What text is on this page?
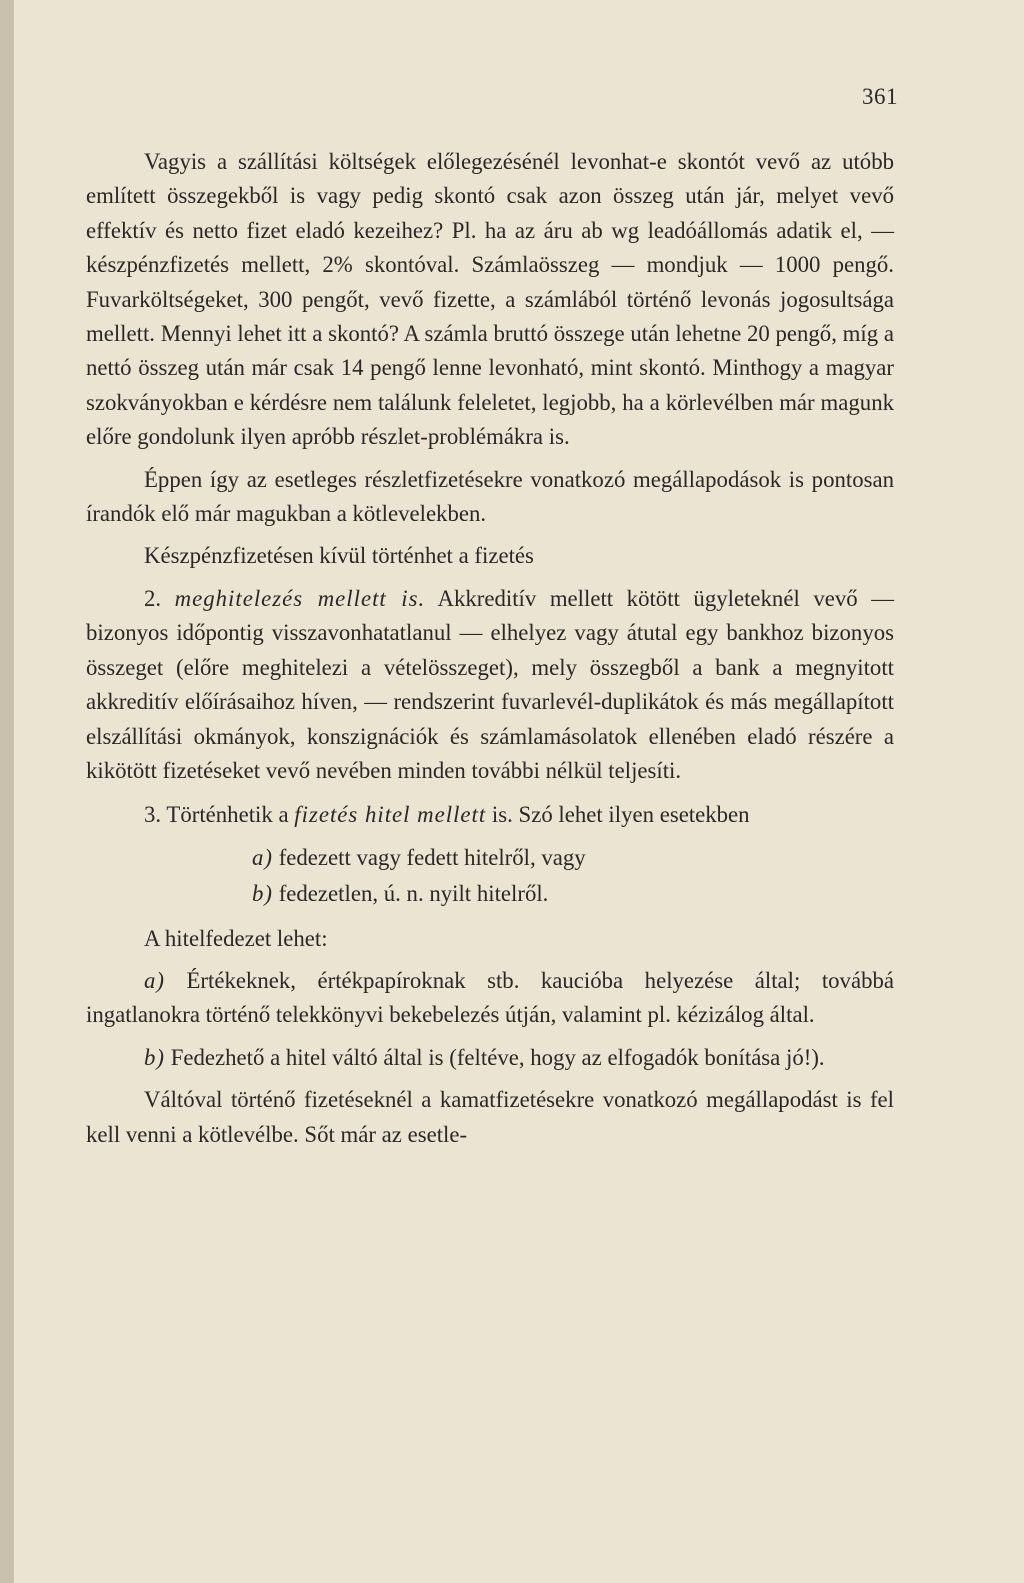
361

Vagyis a szállítási költségek előlegezésénél levonhat-e skontót vevő az utóbb említett összegekből is vagy pedig skontó csak azon összeg után jár, melyet vevő effektív és netto fizet eladó kezeihez? Pl. ha az áru ab wg leadóállomás adatik el, — készpénzfizetés mellett, 2% skontóval. Számlaösszeg — mondjuk — 1000 pengő. Fuvarköltségeket, 300 pengőt, vevő fizette, a számlából történő levonás jogosultsága mellett. Mennyi lehet itt a skontó? A számla bruttó összege után lehetne 20 pengő, míg a nettó összeg után már csak 14 pengő lenne levonható, mint skontó. Minthogy a magyar szokványokban e kérdésre nem találunk feleletet, legjobb, ha a körlevélben már magunk előre gondolunk ilyen apróbb részlet-problémákra is.

Éppen így az esetleges részletfizetésekre vonatkozó megállapodások is pontosan írandók elő már magukban a kötlevelekben.

Készpénzfizetésen kívül történhet a fizetés

2. meghitelezés mellett is. Akkreditív mellett kötött ügyleteknél vevő — bizonyos időpontig visszavonhatatlanul — elhelyez vagy átutal egy bankhoz bizonyos összeget (előre meghitelezi a vételösszeget), mely összegből a bank a megnyitott akkreditív előírásaihoz híven, — rendszerint fuvarlevél-duplikátok és más megállapított elszállítási okmányok, konszignációk és számlamásolatok ellenében eladó részére a kikötött fizetéseket vevő nevében minden további nélkül teljesíti.

3. Történhetik a fizetés hitel mellett is. Szó lehet ilyen esetekben

a) fedezett vagy fedett hitelről, vagy

b) fedezetlen, ú. n. nyilt hitelről.

A hitelfedezet lehet:

a) Értékeknek, értékpapíroknak stb. kaucióba helyezése által; továbbá ingatlanokra történő telekkönyvi bekebelezés útján, valamint pl. kézizálog által.

b) Fedezhető a hitel váltó által is (feltéve, hogy az elfogadók bonítása jó!).

Váltóval történő fizetéseknél a kamatfizetésekre vonatkozó megállapodást is fel kell venni a kötlevélbe. Sőt már az esetle-
